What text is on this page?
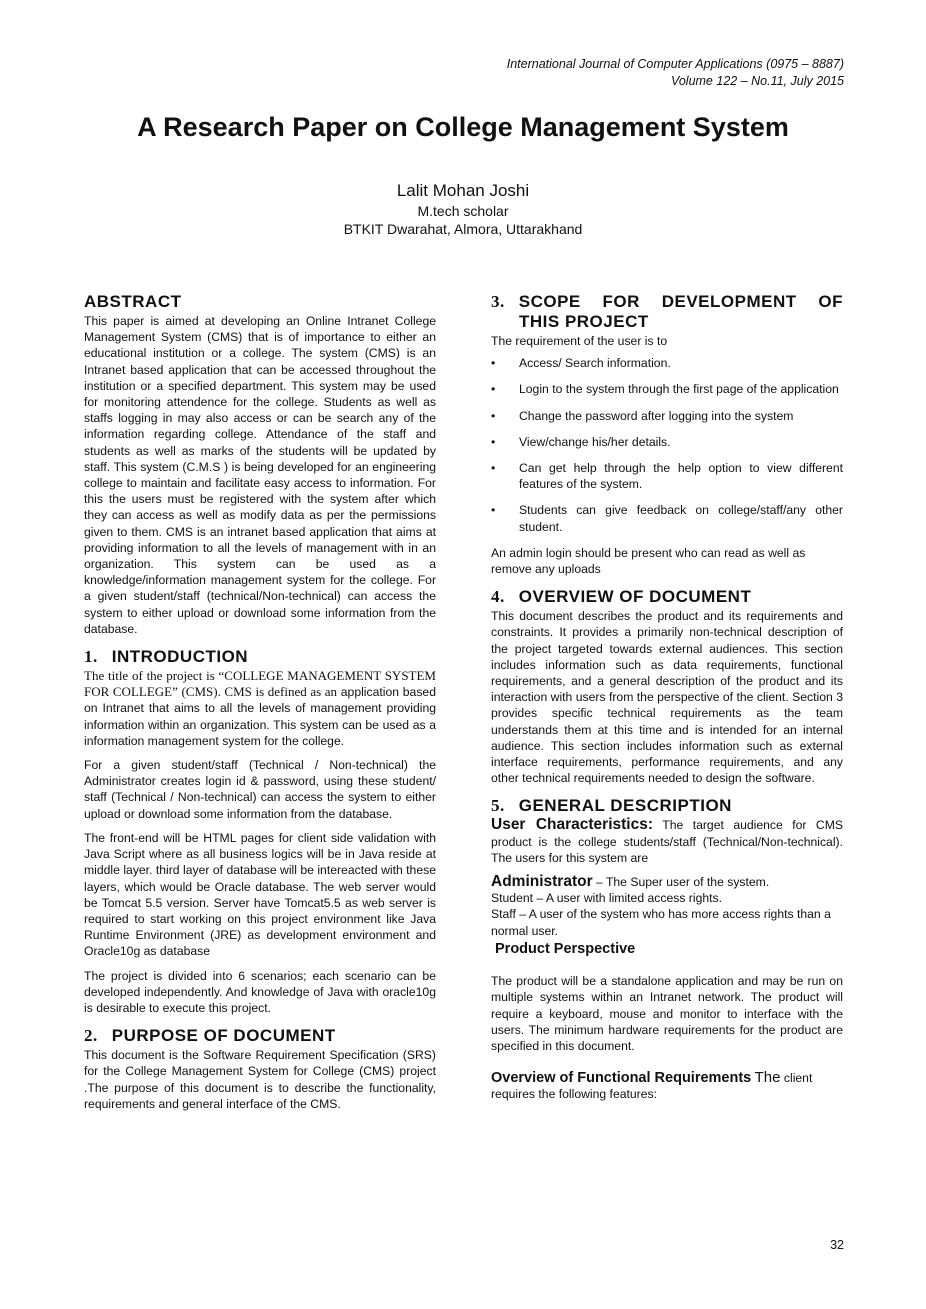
International Journal of Computer Applications (0975 – 8887)
Volume 122 – No.11, July 2015
A Research Paper on College Management System
Lalit Mohan Joshi
M.tech scholar
BTKIT Dwarahat, Almora, Uttarakhand
ABSTRACT

This paper is aimed at developing an Online Intranet College Management System (CMS) that is of importance to either an educational institution or a college. The system (CMS) is an Intranet based application that can be accessed throughout the institution or a specified department. This system may be used for monitoring attendence for the college. Students as well as staffs logging in may also access or can be search any of the information regarding college. Attendance of the staff and students as well as marks of the students will be updated by staff. This system (C.M.S ) is being developed for an engineering college to maintain and facilitate easy access to information. For this the users must be registered with the system after which they can access as well as modify data as per the permissions given to them. CMS is an intranet based application that aims at providing information to all the levels of management with in an organization. This system can be used as a knowledge/information management system for the college. For a given student/staff (technical/Non-technical) can access the system to either upload or download some information from the database.

1. INTRODUCTION

The title of the project is “COLLEGE MANAGEMENT SYSTEM FOR COLLEGE” (CMS). CMS is defined as an application based on Intranet that aims to all the levels of management providing information within an organization. This system can be used as a information management system for the college.

For a given student/staff (Technical / Non-technical) the Administrator creates login id & password, using these student/ staff (Technical / Non-technical) can access the system to either upload or download some information from the database.

The front-end will be HTML pages for client side validation with Java Script where as all business logics will be in Java reside at middle layer. third layer of database will be intereacted with these layers, which would be Oracle database. The web server would be Tomcat 5.5 version. Server have Tomcat5.5 as web server is required to start working on this project environment like Java Runtime Environment (JRE) as development environment and Oracle10g as database

The project is divided into 6 scenarios; each scenario can be developed independently. And knowledge of Java with oracle10g is desirable to execute this project.

2. PURPOSE OF DOCUMENT

This document is the Software Requirement Specification (SRS) for the College Management System for College (CMS) project .The purpose of this document is to describe the functionality, requirements and general interface of the CMS.

3. SCOPE FOR DEVELOPMENT OF
THIS PROJECT

The requirement of the user is to

• Access/ Search information.
• Login to the system through the first page of the application
• Change the password after logging into the system
• View/change his/her details.
• Can get help through the help option to view different features of the system.
• Students can give feedback on college/staff/any other student.

An admin login should be present who can read as well as remove any uploads

4. OVERVIEW OF DOCUMENT

This document describes the product and its requirements and constraints. It provides a primarily non-technical description of the project targeted towards external audiences. This section includes information such as data requirements, functional requirements, and a general description of the product and its interaction with users from the perspective of the client. Section 3 provides specific technical requirements as the team understands them at this time and is intended for an internal audience. This section includes information such as external interface requirements, performance requirements, and any other technical requirements needed to design the software.

5. GENERAL DESCRIPTION

User Characteristics: The target audience for CMS product is the college students/staff (Technical/Non-technical). The users for this system are

Administrator – The Super user of the system.

Student – A user with limited access rights.

Staff – A user of the system who has more access rights than a normal user.

Product Perspective

The product will be a standalone application and may be run on multiple systems within an Intranet network. The product will require a keyboard, mouse and monitor to interface with the users. The minimum hardware requirements for the product are specified in this document.

Overview of Functional Requirements The client requires the following features:

32
